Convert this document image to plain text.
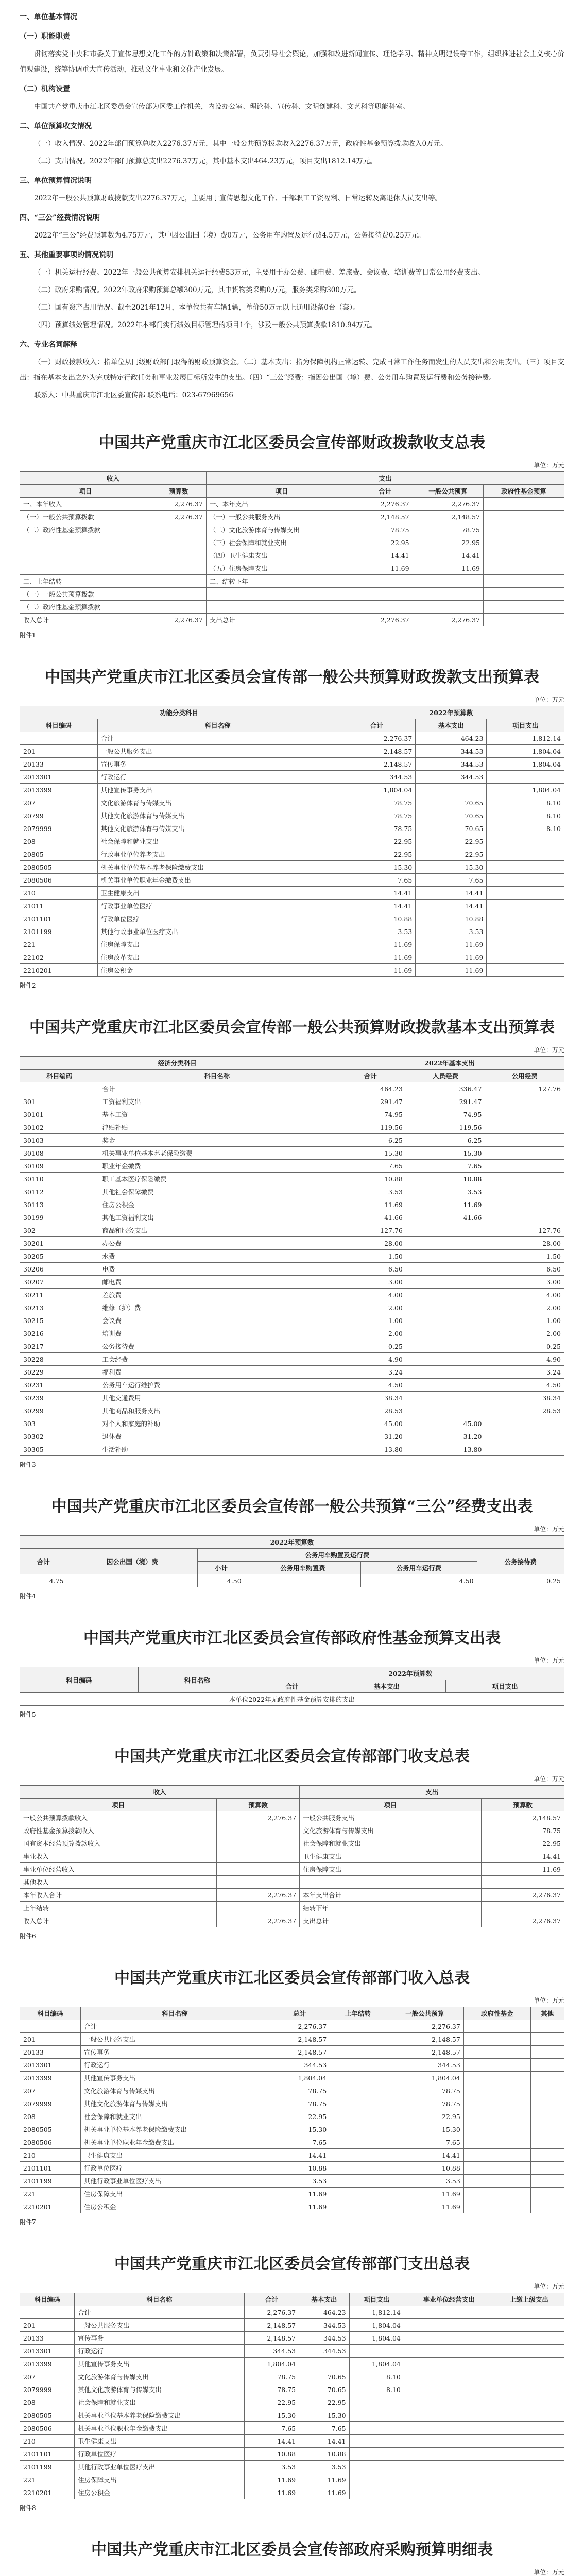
一、单位基本情况
（一）职能职责

贯彻落实党中央和市委关于宣传思想文化工作的方针政策和决策部署，负责引导社会舆论，加强和改进新闻宣传、理论学习、精神文明建设等工作，组织推进社会主义核心价值观建设，统筹协调重大宣传活动，推动文化事业和文化产业发展。

（二）机构设置

中国共产党重庆市江北区委员会宣传部为区委工作机关，内设办公室、理论科、宣传科、文明创建科、文艺科等职能科室。

二、单位预算收支情况

（一）收入情况。2022年部门预算总收入2276.37万元，其中一般公共预算拨款收入2276.37万元，政府性基金预算拨款收入0万元。

（二）支出情况。2022年部门预算总支出2276.37万元，其中基本支出464.23万元，项目支出1812.14万元。

三、单位预算情况说明

2022年一般公共预算财政拨款支出2276.37万元，主要用于宣传思想文化工作、干部职工工资福利、日常运转及离退休人员支出等。

四、“三公”经费情况说明

2022年“三公”经费预算数为4.75万元，其中因公出国（境）费0万元，公务用车购置及运行费4.5万元，公务接待费0.25万元。

五、其他重要事项的情况说明

（一）机关运行经费。2022年一般公共预算安排机关运行经费53万元，主要用于办公费、邮电费、差旅费、会议费、培训费等日常公用经费支出。

（二）政府采购情况。2022年政府采购预算总额300万元，其中货物类采购0万元，服务类采购300万元。

（三）国有资产占用情况。截至2021年12月，本单位共有车辆1辆，单价50万元以上通用设备0台（套）。

（四）预算绩效管理情况。2022年本部门实行绩效目标管理的项目1个，涉及一般公共预算拨款1810.94万元。

六、专业名词解释

（一）财政拨款收入：指单位从同级财政部门取得的财政预算资金。（二）基本支出：指为保障机构正常运转、完成日常工作任务而发生的人员支出和公用支出。（三）项目支出：指在基本支出之外为完成特定行政任务和事业发展目标所发生的支出。（四）“三公”经费：指因公出国（境）费、公务用车购置及运行费和公务接待费。

联系人：中共重庆市江北区委宣传部 联系电话：023-67969656

中国共产党重庆市江北区委员会宣传部财政拨款收支总表
单位：万元
收入		支出			
项目	预算数	项目	合计	一般公共预算	政府性基金预算
一、本年收入	2,276.37	一、本年支出	2,276.37	2,276.37	
（一）一般公共预算拨款	2,276.37	（一）一般公共服务支出	2,148.57	2,148.57	
（二）政府性基金预算拨款		（二）文化旅游体育与传媒支出	78.75	78.75	
		（三）社会保障和就业支出	22.95	22.95	
		（四）卫生健康支出	14.41	14.41	
		（五）住房保障支出	11.69	11.69	
二、上年结转		二、结转下年			
（一）一般公共预算拨款					
（二）政府性基金预算拨款					
收入总计	2,276.37	支出总计	2,276.37	2,276.37	
附件1
中国共产党重庆市江北区委员会宣传部一般公共预算财政拨款支出预算表
单位：万元
功能分类科目		2022年预算数		
科目编码	科目名称	合计	基本支出	项目支出
	合计	2,276.37	464.23	1,812.14
201	一般公共服务支出	2,148.57	344.53	1,804.04
20133	宣传事务	2,148.57	344.53	1,804.04
2013301	行政运行	344.53	344.53	
2013399	其他宣传事务支出	1,804.04		1,804.04
207	文化旅游体育与传媒支出	78.75	70.65	8.10
20799	其他文化旅游体育与传媒支出	78.75	70.65	8.10
2079999	其他文化旅游体育与传媒支出	78.75	70.65	8.10
208	社会保障和就业支出	22.95	22.95	
20805	行政事业单位养老支出	22.95	22.95	
2080505	机关事业单位基本养老保险缴费支出	15.30	15.30	
2080506	机关事业单位职业年金缴费支出	7.65	7.65	
210	卫生健康支出	14.41	14.41	
21011	行政事业单位医疗	14.41	14.41	
2101101	行政单位医疗	10.88	10.88	
2101199	其他行政事业单位医疗支出	3.53	3.53	
221	住房保障支出	11.69	11.69	
22102	住房改革支出	11.69	11.69	
2210201	住房公积金	11.69	11.69	
附件2
中国共产党重庆市江北区委员会宣传部一般公共预算财政拨款基本支出预算表
单位：万元
经济分类科目		2022年基本支出		
科目编码	科目名称	合计	人员经费	公用经费
	合计	464.23	336.47	127.76
301	工资福利支出	291.47	291.47	
30101	基本工资	74.95	74.95	
30102	津贴补贴	119.56	119.56	
30103	奖金	6.25	6.25	
30108	机关事业单位基本养老保险缴费	15.30	15.30	
30109	职业年金缴费	7.65	7.65	
30110	职工基本医疗保险缴费	10.88	10.88	
30112	其他社会保障缴费	3.53	3.53	
30113	住房公积金	11.69	11.69	
30199	其他工资福利支出	41.66	41.66	
302	商品和服务支出	127.76		127.76
30201	办公费	28.00		28.00
30205	水费	1.50		1.50
30206	电费	6.50		6.50
30207	邮电费	3.00		3.00
30211	差旅费	4.00		4.00
30213	维修（护）费	2.00		2.00
30215	会议费	1.00		1.00
30216	培训费	2.00		2.00
30217	公务接待费	0.25		0.25
30228	工会经费	4.90		4.90
30229	福利费	3.24		3.24
30231	公务用车运行维护费	4.50		4.50
30239	其他交通费用	38.34		38.34
30299	其他商品和服务支出	28.53		28.53
303	对个人和家庭的补助	45.00	45.00	
30302	退休费	31.20	31.20	
30305	生活补助	13.80	13.80	
附件3
中国共产党重庆市江北区委员会宣传部一般公共预算“三公”经费支出表
单位：万元
2022年预算数					
合计	因公出国（境）费	公务用车购置及运行费			公务接待费
		小计	公务用车购置费	公务用车运行费	
4.75		4.50		4.50	0.25
附件4
中国共产党重庆市江北区委员会宣传部政府性基金预算支出表
单位：万元
科目编码	科目名称	2022年预算数		
		合计	基本支出	项目支出
本单位2022年无政府性基金预算安排的支出				
附件5
中国共产党重庆市江北区委员会宣传部部门收支总表
单位：万元
收入		支出	
项目	预算数	项目	预算数
一般公共预算拨款收入	2,276.37	一般公共服务支出	2,148.57
政府性基金预算拨款收入		文化旅游体育与传媒支出	78.75
国有资本经营预算拨款收入		社会保障和就业支出	22.95
事业收入		卫生健康支出	14.41
事业单位经营收入		住房保障支出	11.69
其他收入			
本年收入合计	2,276.37	本年支出合计	2,276.37
上年结转		结转下年	
收入总计	2,276.37	支出总计	2,276.37
附件6
中国共产党重庆市江北区委员会宣传部部门收入总表
单位：万元
科目编码	科目名称	总计	上年结转	一般公共预算	政府性基金	其他
	合计	2,276.37		2,276.37		
201	一般公共服务支出	2,148.57		2,148.57		
20133	宣传事务	2,148.57		2,148.57		
2013301	行政运行	344.53		344.53		
2013399	其他宣传事务支出	1,804.04		1,804.04		
207	文化旅游体育与传媒支出	78.75		78.75		
2079999	其他文化旅游体育与传媒支出	78.75		78.75		
208	社会保障和就业支出	22.95		22.95		
2080505	机关事业单位基本养老保险缴费支出	15.30		15.30		
2080506	机关事业单位职业年金缴费支出	7.65		7.65		
210	卫生健康支出	14.41		14.41		
2101101	行政单位医疗	10.88		10.88		
2101199	其他行政事业单位医疗支出	3.53		3.53		
221	住房保障支出	11.69		11.69		
2210201	住房公积金	11.69		11.69		
附件7
中国共产党重庆市江北区委员会宣传部部门支出总表
单位：万元
科目编码	科目名称	合计	基本支出	项目支出	事业单位经营支出	上缴上级支出
	合计	2,276.37	464.23	1,812.14		
201	一般公共服务支出	2,148.57	344.53	1,804.04		
20133	宣传事务	2,148.57	344.53	1,804.04		
2013301	行政运行	344.53	344.53			
2013399	其他宣传事务支出	1,804.04		1,804.04		
207	文化旅游体育与传媒支出	78.75	70.65	8.10		
2079999	其他文化旅游体育与传媒支出	78.75	70.65	8.10		
208	社会保障和就业支出	22.95	22.95			
2080505	机关事业单位基本养老保险缴费支出	15.30	15.30			
2080506	机关事业单位职业年金缴费支出	7.65	7.65			
210	卫生健康支出	14.41	14.41			
2101101	行政单位医疗	10.88	10.88			
2101199	其他行政事业单位医疗支出	3.53	3.53			
221	住房保障支出	11.69	11.69			
2210201	住房公积金	11.69	11.69			
附件8
中国共产党重庆市江北区委员会宣传部政府采购预算明细表
单位：万元
